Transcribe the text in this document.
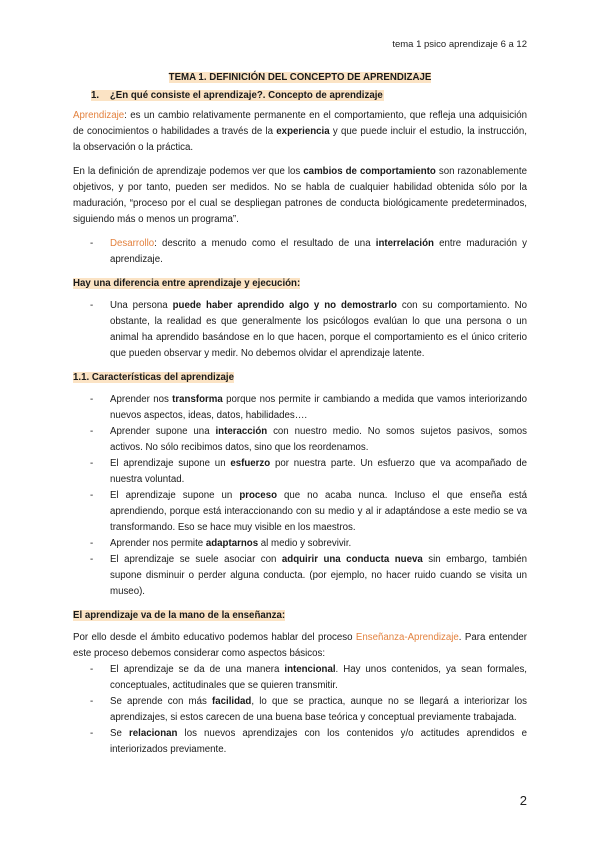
tema 1 psico aprendizaje 6 a 12
TEMA 1. DEFINICIÓN DEL CONCEPTO DE APRENDIZAJE
1. ¿En qué consiste el aprendizaje?. Concepto de aprendizaje

Aprendizaje: es un cambio relativamente permanente en el comportamiento, que refleja una adquisición de conocimientos o habilidades a través de la experiencia y que puede incluir el estudio, la instrucción, la observación o la práctica.

En la definición de aprendizaje podemos ver que los cambios de comportamiento son razonablemente objetivos, y por tanto, pueden ser medidos. No se habla de cualquier habilidad obtenida sólo por la maduración, “proceso por el cual se despliegan patrones de conducta biológicamente predeterminados, siguiendo más o menos un programa”.

- Desarrollo: descrito a menudo como el resultado de una interrelación entre maduración y aprendizaje.
Hay una diferencia entre aprendizaje y ejecución:
- Una persona puede haber aprendido algo y no demostrarlo con su comportamiento. No obstante, la realidad es que generalmente los psicólogos evalúan lo que una persona o un animal ha aprendido basándose en lo que hacen, porque el comportamiento es el único criterio que pueden observar y medir. No debemos olvidar el aprendizaje latente.
1.1. Características del aprendizaje
- Aprender nos transforma porque nos permite ir cambiando a medida que vamos interiorizando nuevos aspectos, ideas, datos, habilidades….
- Aprender supone una interacción con nuestro medio. No somos sujetos pasivos, somos activos. No sólo recibimos datos, sino que los reordenamos.
- El aprendizaje supone un esfuerzo por nuestra parte. Un esfuerzo que va acompañado de nuestra voluntad.
- El aprendizaje supone un proceso que no acaba nunca. Incluso el que enseña está aprendiendo, porque está interaccionando con su medio y al ir adaptándose a este medio se va transformando. Eso se hace muy visible en los maestros.
- Aprender nos permite adaptarnos al medio y sobrevivir.
- El aprendizaje se suele asociar con adquirir una conducta nueva sin embargo, también supone disminuir o perder alguna conducta. (por ejemplo, no hacer ruido cuando se visita un museo).
El aprendizaje va de la mano de la enseñanza:

Por ello desde el ámbito educativo podemos hablar del proceso Enseñanza-Aprendizaje. Para entender este proceso debemos considerar como aspectos básicos:

- El aprendizaje se da de una manera intencional. Hay unos contenidos, ya sean formales, conceptuales, actitudinales que se quieren transmitir.
- Se aprende con más facilidad, lo que se practica, aunque no se llegará a interiorizar los aprendizajes, si estos carecen de una buena base teórica y conceptual previamente trabajada.
- Se relacionan los nuevos aprendizajes con los contenidos y/o actitudes aprendidos e interiorizados previamente.
2
